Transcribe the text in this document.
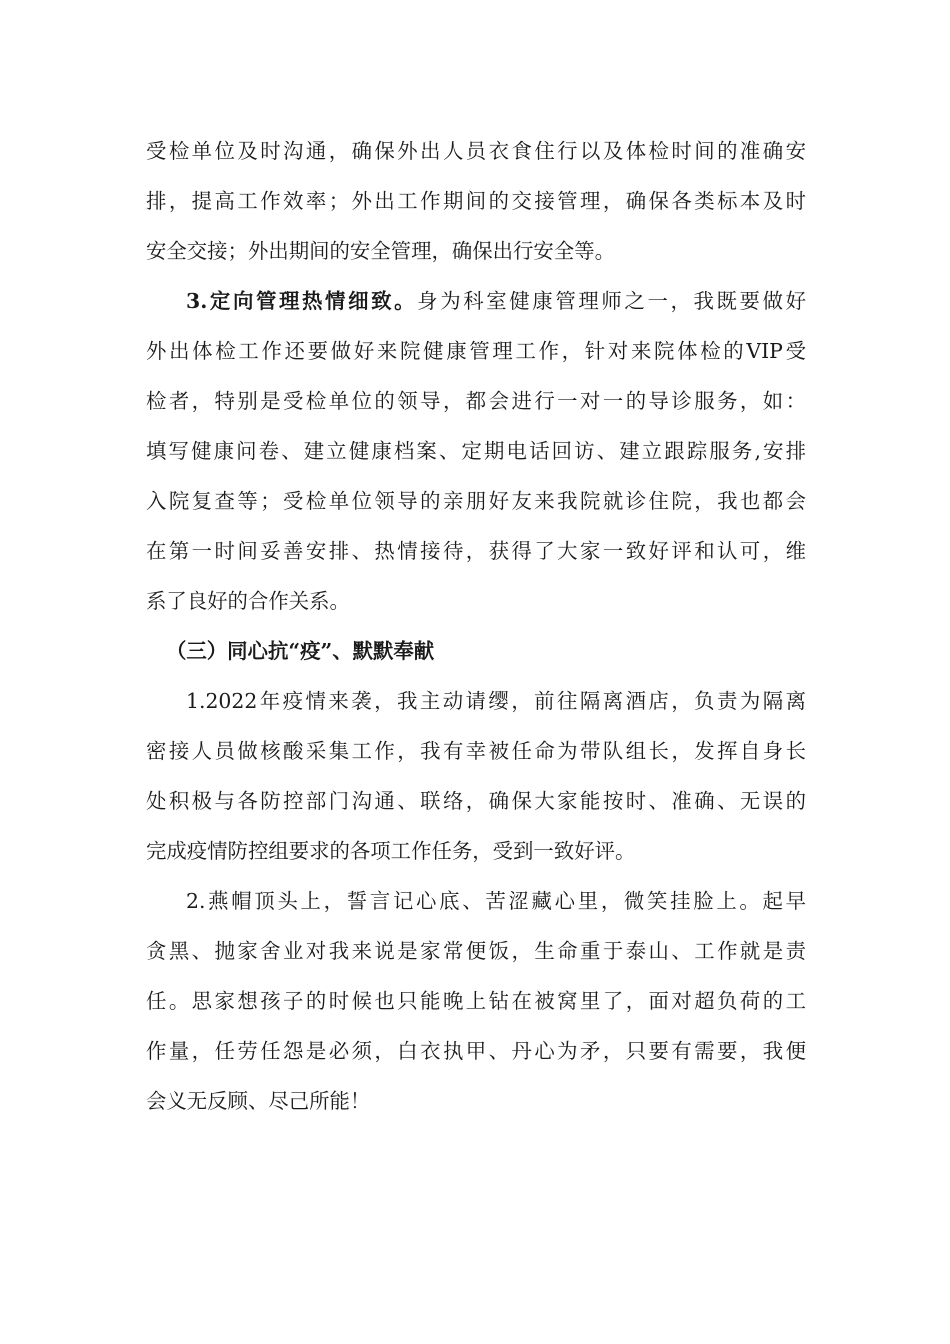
受检单位及时沟通，确保外出人员衣食住行以及体检时间的准确安
排，提高工作效率；外出工作期间的交接管理，确保各类标本及时
安全交接；外出期间的安全管理，确保出行安全等。
3.定向管理热情细致。身为科室健康管理师之一，我既要做好
外出体检工作还要做好来院健康管理工作，针对来院体检的VIP受
检者，特别是受检单位的领导，都会进行一对一的导诊服务，如：
填写健康问卷、建立健康档案、定期电话回访、建立跟踪服务,安排
入院复查等；受检单位领导的亲朋好友来我院就诊住院，我也都会
在第一时间妥善安排、热情接待，获得了大家一致好评和认可，维
系了良好的合作关系。
（三）同心抗“疫”、默默奉献
1.2022年疫情来袭，我主动请缨，前往隔离酒店，负责为隔离
密接人员做核酸采集工作，我有幸被任命为带队组长，发挥自身长
处积极与各防控部门沟通、联络，确保大家能按时、准确、无误的
完成疫情防控组要求的各项工作任务，受到一致好评。
2.燕帽顶头上，誓言记心底、苦涩藏心里，微笑挂脸上。起早
贪黑、抛家舍业对我来说是家常便饭，生命重于泰山、工作就是责
任。思家想孩子的时候也只能晚上钻在被窝里了，面对超负荷的工
作量，任劳任怨是必须，白衣执甲、丹心为矛，只要有需要，我便
会义无反顾、尽己所能！
